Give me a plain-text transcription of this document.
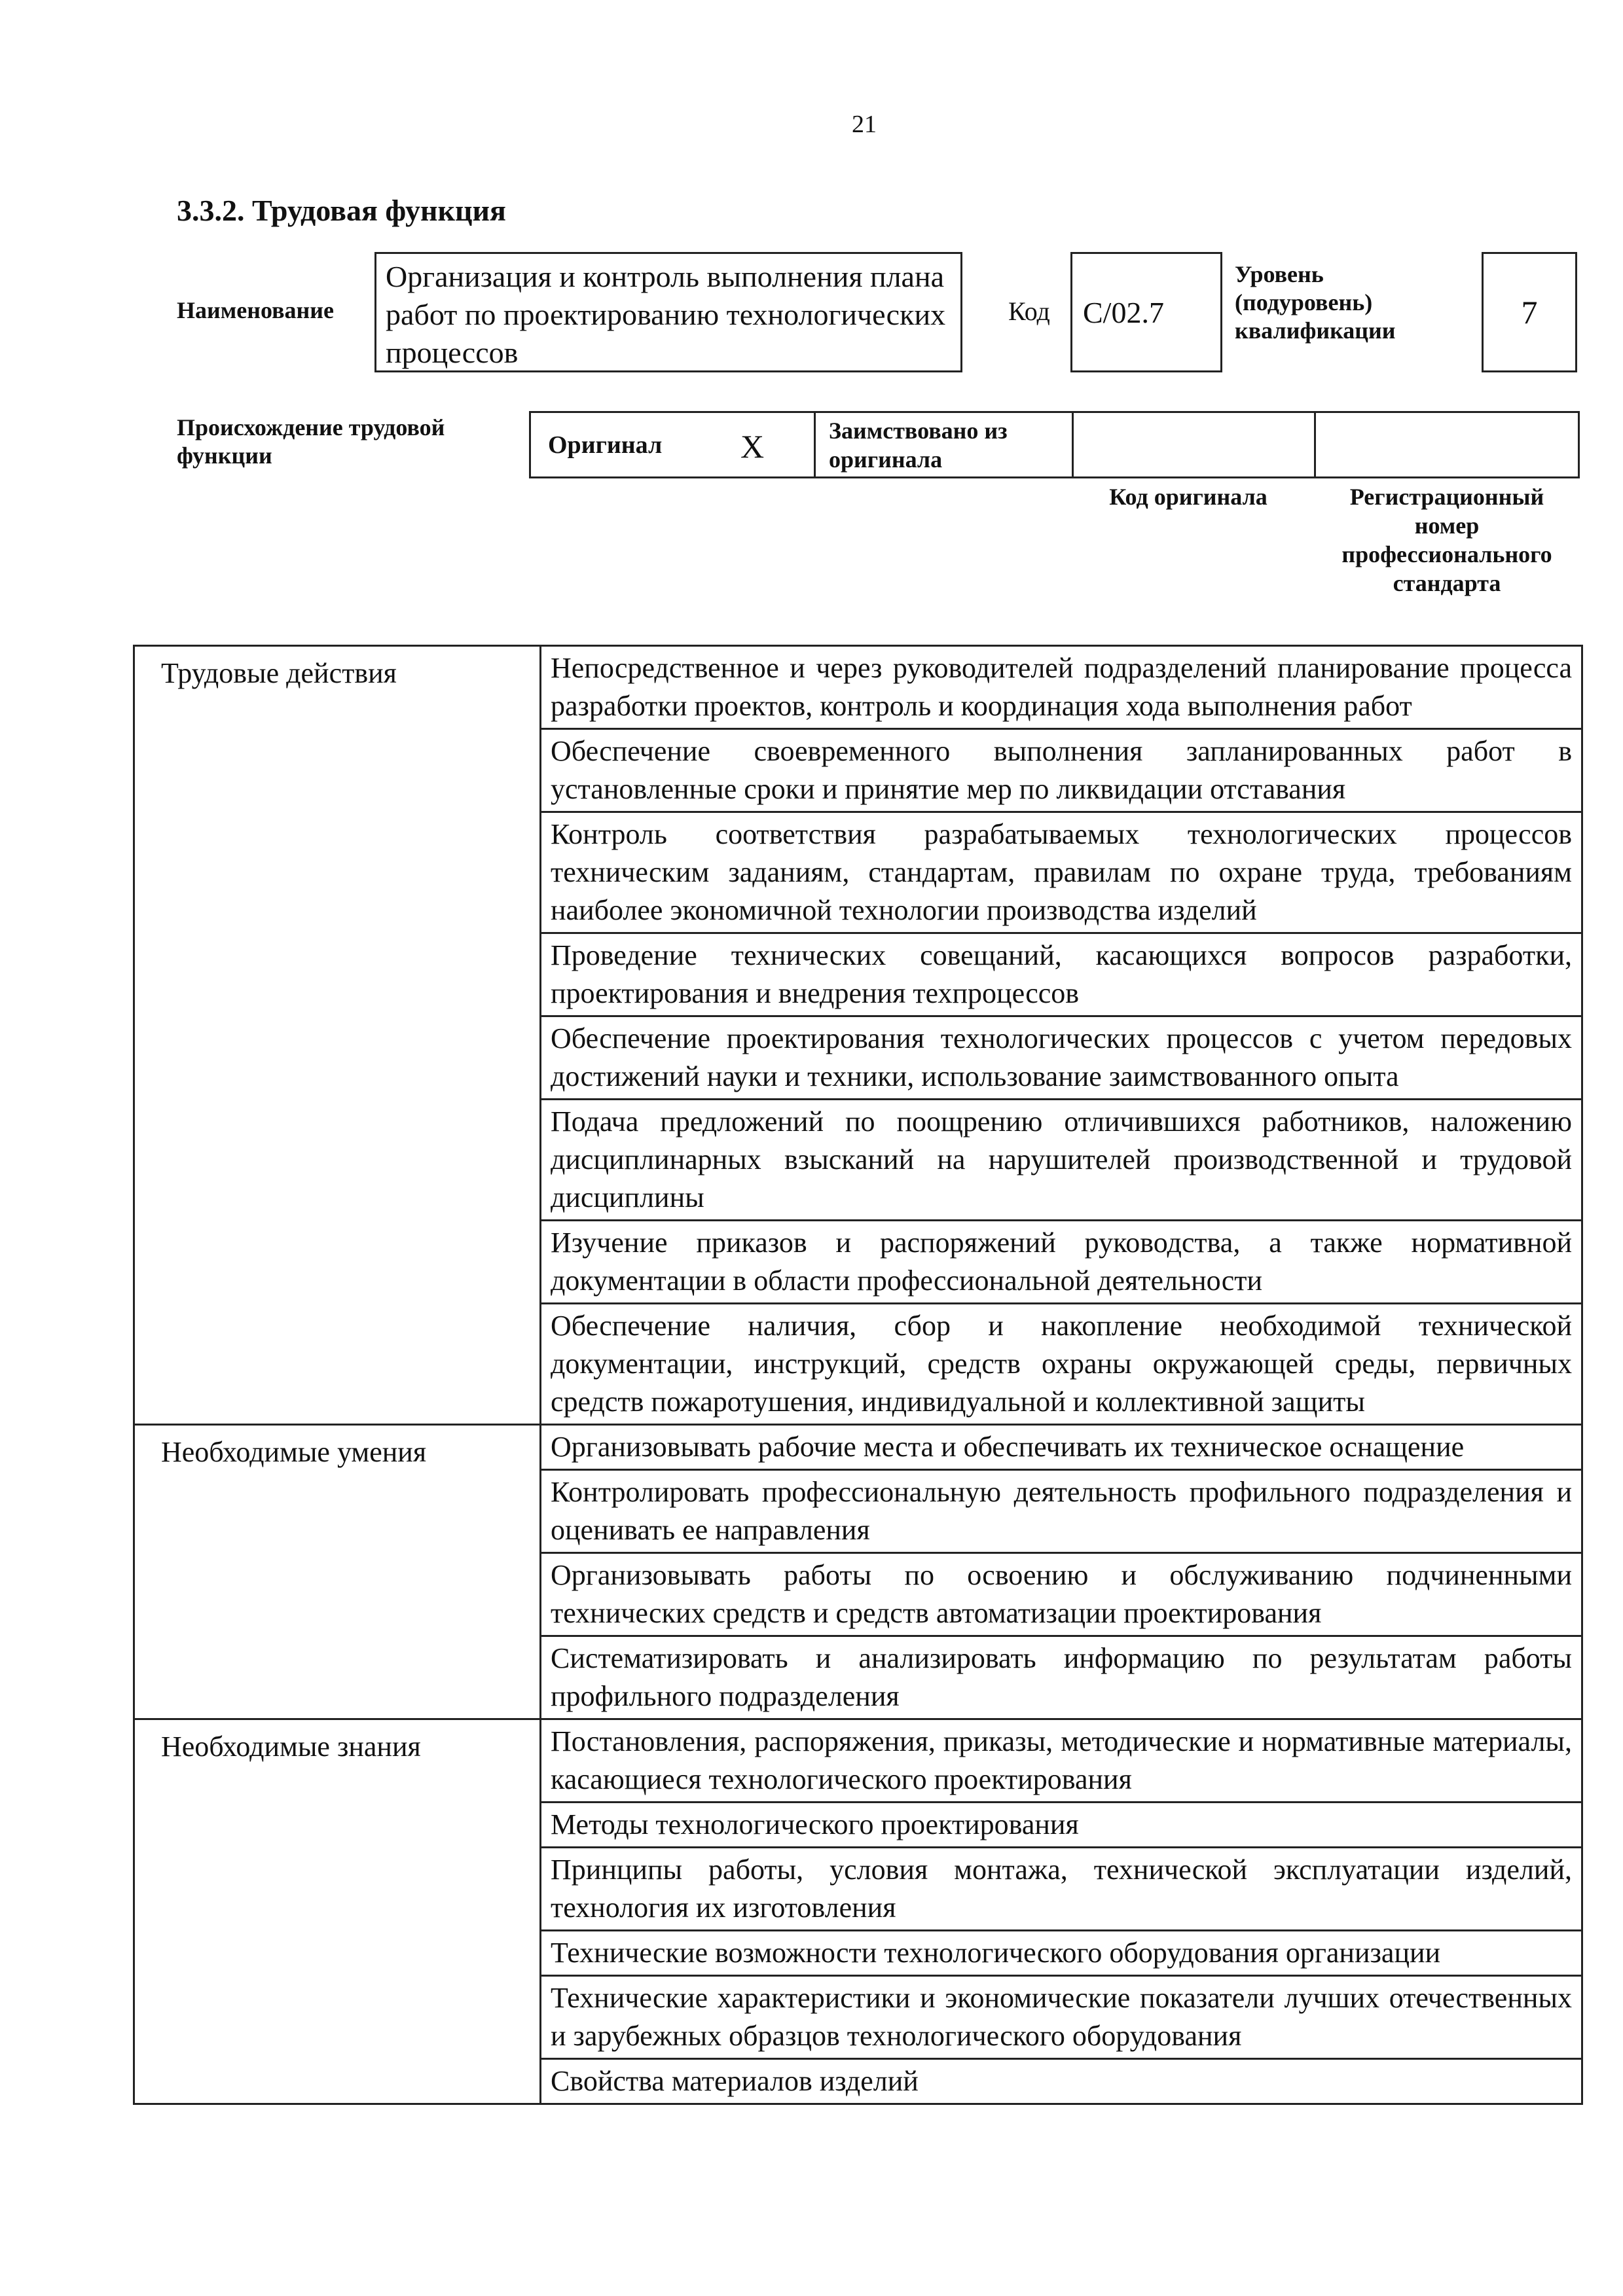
21
3.3.2. Трудовая функция
Наименование
Организация и контроль выполнения плана работ по проектированию технологических процессов
Код	C/02.7
Уровень (подуровень) квалификации
7
Происхождение трудовой функции	Оригинал X	Заимствовано из оригинала
Код оригинала	Регистрационный номер профессионального стандарта
Трудовые действия	Непосредственное и через руководителей подразделений планирование процесса разработки проектов, контроль и координация хода выполнения работ
	Обеспечение своевременного выполнения запланированных работ в установленные сроки и принятие мер по ликвидации отставания
	Контроль соответствия разрабатываемых технологических процессов техническим заданиям, стандартам, правилам по охране труда, требованиям наиболее экономичной технологии производства изделий
	Проведение технических совещаний, касающихся вопросов разработки, проектирования и внедрения техпроцессов
	Обеспечение проектирования технологических процессов с учетом передовых достижений науки и техники, использование заимствованного опыта
	Подача предложений по поощрению отличившихся работников, наложению дисциплинарных взысканий на нарушителей производственной и трудовой дисциплины
	Изучение приказов и распоряжений руководства, а также нормативной документации в области профессиональной деятельности
	Обеспечение наличия, сбор и накопление необходимой технической документации, инструкций, средств охраны окружающей среды, первичных средств пожаротушения, индивидуальной и коллективной защиты
Необходимые умения	Организовывать рабочие места и обеспечивать их техническое оснащение
	Контролировать профессиональную деятельность профильного подразделения и оценивать ее направления
	Организовывать работы по освоению и обслуживанию подчиненными технических средств и средств автоматизации проектирования
	Систематизировать и анализировать информацию по результатам работы профильного подразделения
Необходимые знания	Постановления, распоряжения, приказы, методические и нормативные материалы, касающиеся технологического проектирования
	Методы технологического проектирования
	Принципы работы, условия монтажа, технической эксплуатации изделий, технология их изготовления
	Технические возможности технологического оборудования организации
	Технические характеристики и экономические показатели лучших отечественных и зарубежных образцов технологического оборудования
	Свойства материалов изделий
